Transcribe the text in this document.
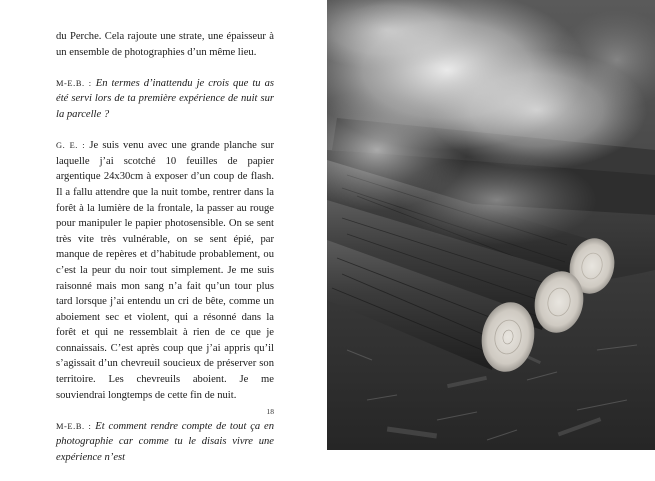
du Perche. Cela rajoute une strate, une épaisseur à un ensemble de photographies d’un même lieu.

M-E.B. : En termes d’inattendu je crois que tu as été servi lors de ta première expérience de nuit sur la parcelle ?

G. E. : Je suis venu avec une grande planche sur laquelle j’ai scotché 10 feuilles de papier argentique 24x30cm à exposer d’un coup de flash. Il a fallu attendre que la nuit tombe, rentrer dans la forêt à la lumière de la frontale, la passer au rouge pour manipuler le papier photosensible. On se sent très vite très vulnérable, on se sent épié, par manque de repères et d’habitude probablement, ou c’est la peur du noir tout simplement. Je me suis raisonné mais mon sang n’a fait qu’un tour plus tard lorsque j’ai entendu un cri de bête, comme un aboiement sec et violent, qui a résonné dans la forêt et qui ne ressemblait à rien de ce que je connaissais. C’est après coup que j’ai appris qu’il s’agissait d’un chevreuil soucieux de préserver son territoire. Les chevreuils aboient. Je me souviendrai longtemps de cette fin de nuit.

M-E.B. : Et comment rendre compte de tout ça en photographie car comme tu le disais vivre une expérience n’est

18
